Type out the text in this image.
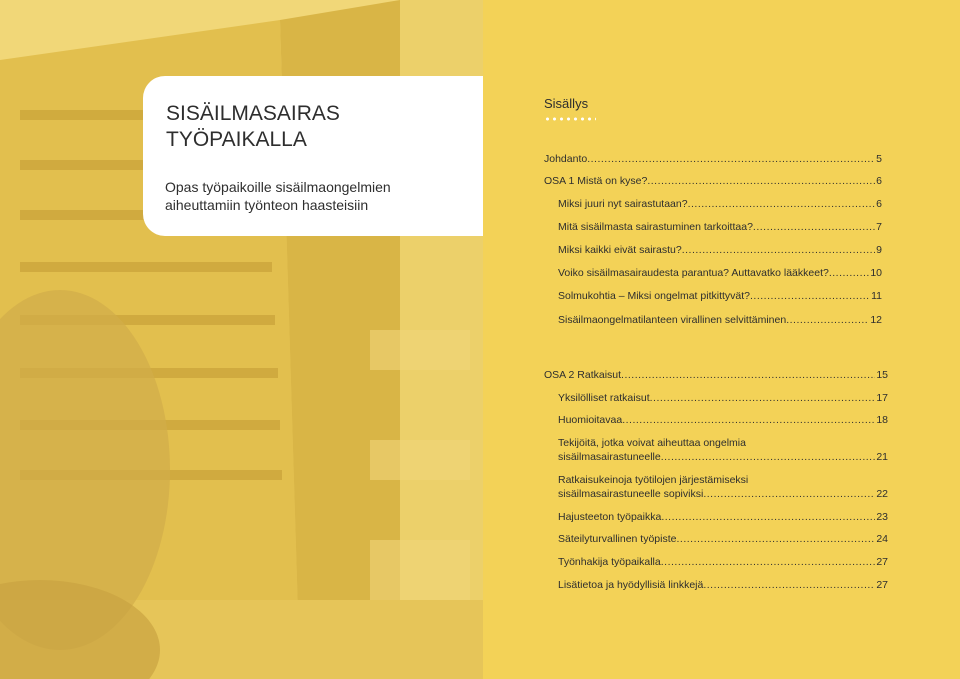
SISÄILMASAIRAS
TYÖPAIKALLA

Opas työpaikoille sisäilmaongelmien
aiheuttamiin työnteon haasteisiin

Sisällys
Johdanto .....	5
OSA 1 Mistä on kyse? .....	6
Miksi juuri nyt sairastutaan? .....	6
Mitä sisäilmasta sairastuminen tarkoittaa? .....	7
Miksi kaikki eivät sairastu? .....	9
Voiko sisäilmasairaudesta parantua? Auttavatko lääkkeet? .....	10
Solmukohtia – Miksi ongelmat pitkittyvät? .....	11
Sisäilmaongelmatilanteen virallinen selvittäminen .....	12
OSA 2 Ratkaisut .....	15
Yksilölliset ratkaisut .....	17
Huomioitavaa .....	18
Tekijöitä, jotka voivat aiheuttaa ongelmia
sisäilmasairastuneelle .....	21
Ratkaisukeinoja työtilojen järjestämiseksi
sisäilmasairastuneelle sopiviksi .....	22
Hajusteeton työpaikka .....	23
Säteilyturvallinen työpiste .....	24
Työnhakija työpaikalla .....	27
Lisätietoa ja hyödyllisiä linkkejä .....	27
